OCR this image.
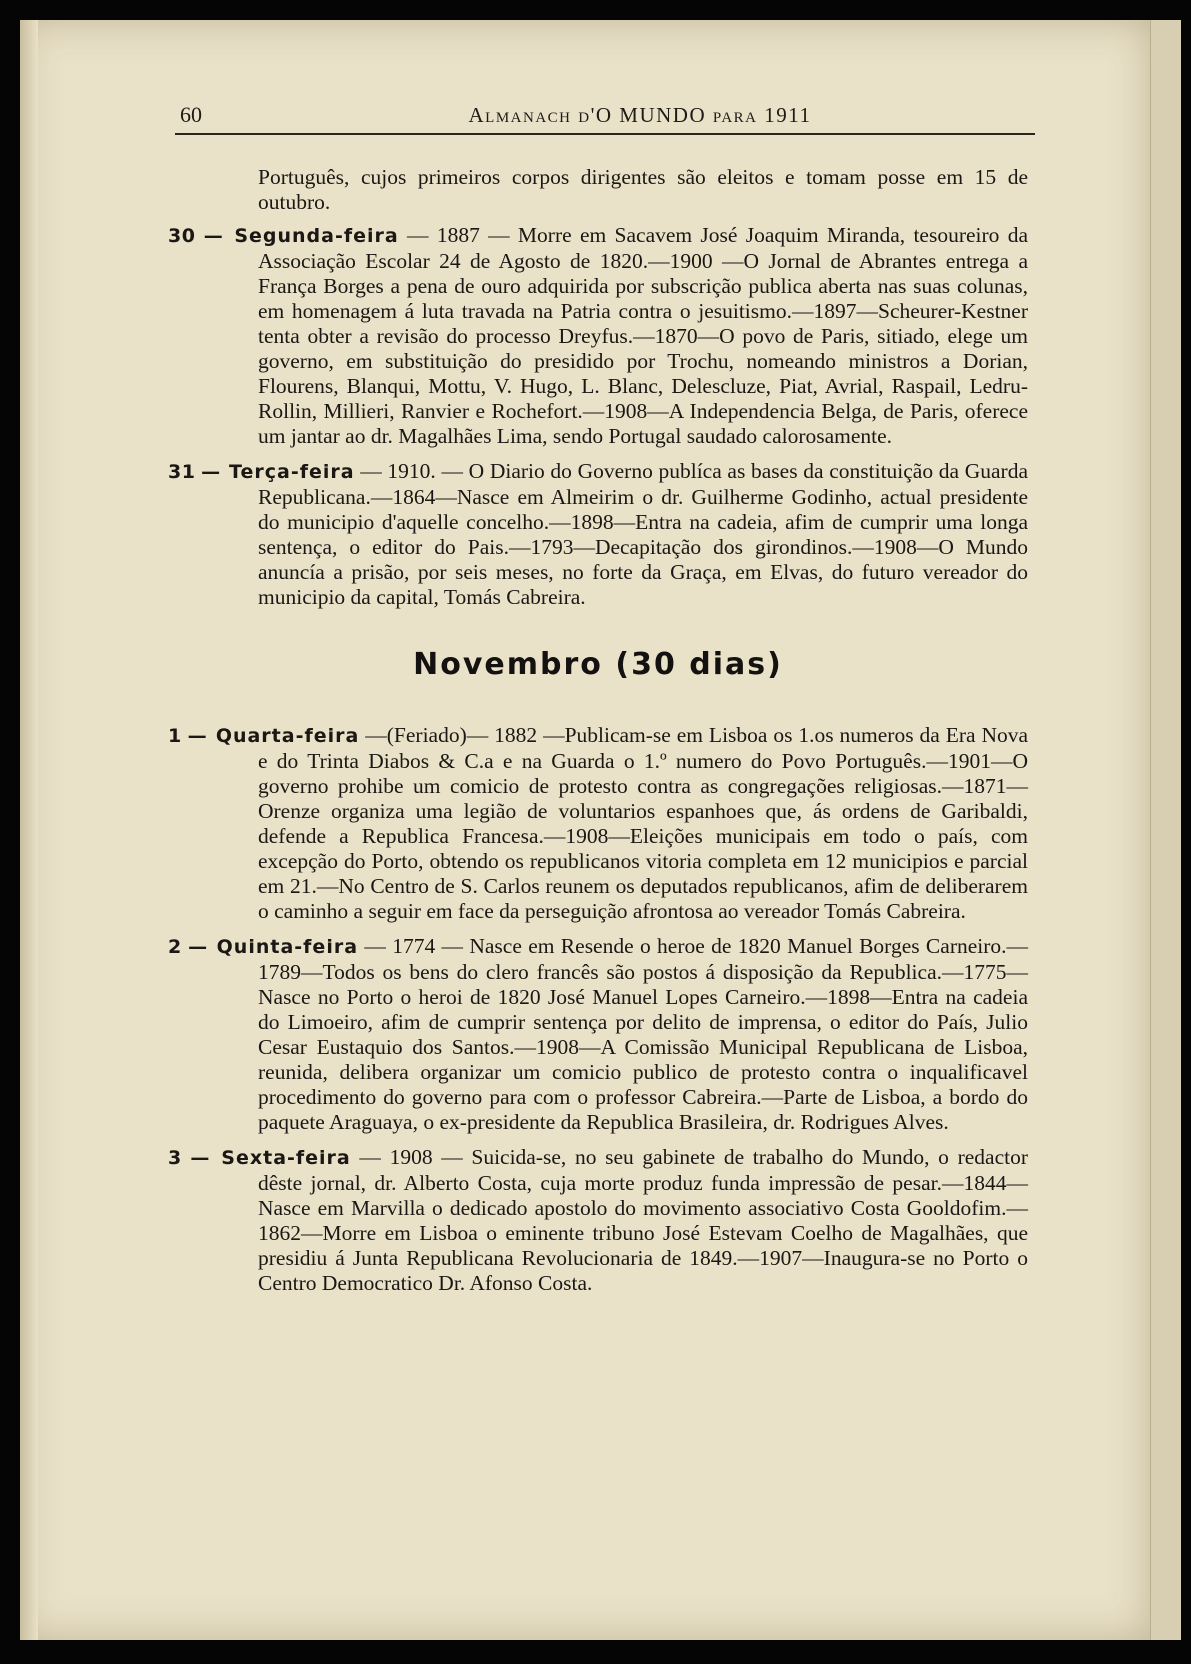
60	Almanach d'O MUNDO para 1911

Português, cujos primeiros corpos dirigentes são eleitos e tomam posse em 15 de outubro.

30 — Segunda-feira — 1887 — Morre em Sacavem José Joaquim Miranda, tesoureiro da Associação Escolar 24 de Agosto de 1820.—1900 —O Jornal de Abrantes entrega a França Borges a pena de ouro adquirida por subscrição publica aberta nas suas colunas, em homenagem á luta travada na Patria contra o jesuitismo.—1897—Scheurer-Kestner tenta obter a revisão do processo Dreyfus.—1870—O povo de Paris, sitiado, elege um governo, em substituição do presidido por Trochu, nomeando ministros a Dorian, Flourens, Blanqui, Mottu, V. Hugo, L. Blanc, Delescluze, Piat, Avrial, Raspail, Ledru-Rollin, Millieri, Ranvier e Rochefort.—1908—A Independencia Belga, de Paris, oferece um jantar ao dr. Magalhães Lima, sendo Portugal saudado calorosamente.

31 — Terça-feira — 1910. — O Diario do Governo publíca as bases da constituição da Guarda Republicana.—1864—Nasce em Almeirim o dr. Guilherme Godinho, actual presidente do municipio d'aquelle concelho.—1898—Entra na cadeia, afim de cumprir uma longa sentença, o editor do Pais.—1793—Decapitação dos girondinos.—1908—O Mundo anuncía a prisão, por seis meses, no forte da Graça, em Elvas, do futuro vereador do municipio da capital, Tomás Cabreira.

Novembro (30 dias)

1 — Quarta-feira —(Feriado)— 1882 —Publicam-se em Lisboa os 1.os numeros da Era Nova e do Trinta Diabos & C.a e na Guarda o 1.º numero do Povo Português.—1901—O governo prohibe um comicio de protesto contra as congregações religiosas.—1871—Orenze organiza uma legião de voluntarios espanhoes que, ás ordens de Garibaldi, defende a Republica Francesa.—1908—Eleições municipais em todo o país, com excepção do Porto, obtendo os republicanos vitoria completa em 12 municipios e parcial em 21.—No Centro de S. Carlos reunem os deputados republicanos, afim de deliberarem o caminho a seguir em face da perseguição afrontosa ao vereador Tomás Cabreira.

2 — Quinta-feira — 1774 — Nasce em Resende o heroe de 1820 Manuel Borges Carneiro.—1789—Todos os bens do clero francês são postos á disposição da Republica.—1775—Nasce no Porto o heroi de 1820 José Manuel Lopes Carneiro.—1898—Entra na cadeia do Limoeiro, afim de cumprir sentença por delito de imprensa, o editor do País, Julio Cesar Eustaquio dos Santos.—1908—A Comissão Municipal Republicana de Lisboa, reunida, delibera organizar um comicio publico de protesto contra o inqualificavel procedimento do governo para com o professor Cabreira.—Parte de Lisboa, a bordo do paquete Araguaya, o ex-presidente da Republica Brasileira, dr. Rodrigues Alves.

3 — Sexta-feira — 1908 — Suicida-se, no seu gabinete de trabalho do Mundo, o redactor dêste jornal, dr. Alberto Costa, cuja morte produz funda impressão de pesar.—1844—Nasce em Marvilla o dedicado apostolo do movimento associativo Costa Gooldofim.—1862—Morre em Lisboa o eminente tribuno José Estevam Coelho de Magalhães, que presidiu á Junta Republicana Revolucionaria de 1849.—1907—Inaugura-se no Porto o Centro Democratico Dr. Afonso Costa.
